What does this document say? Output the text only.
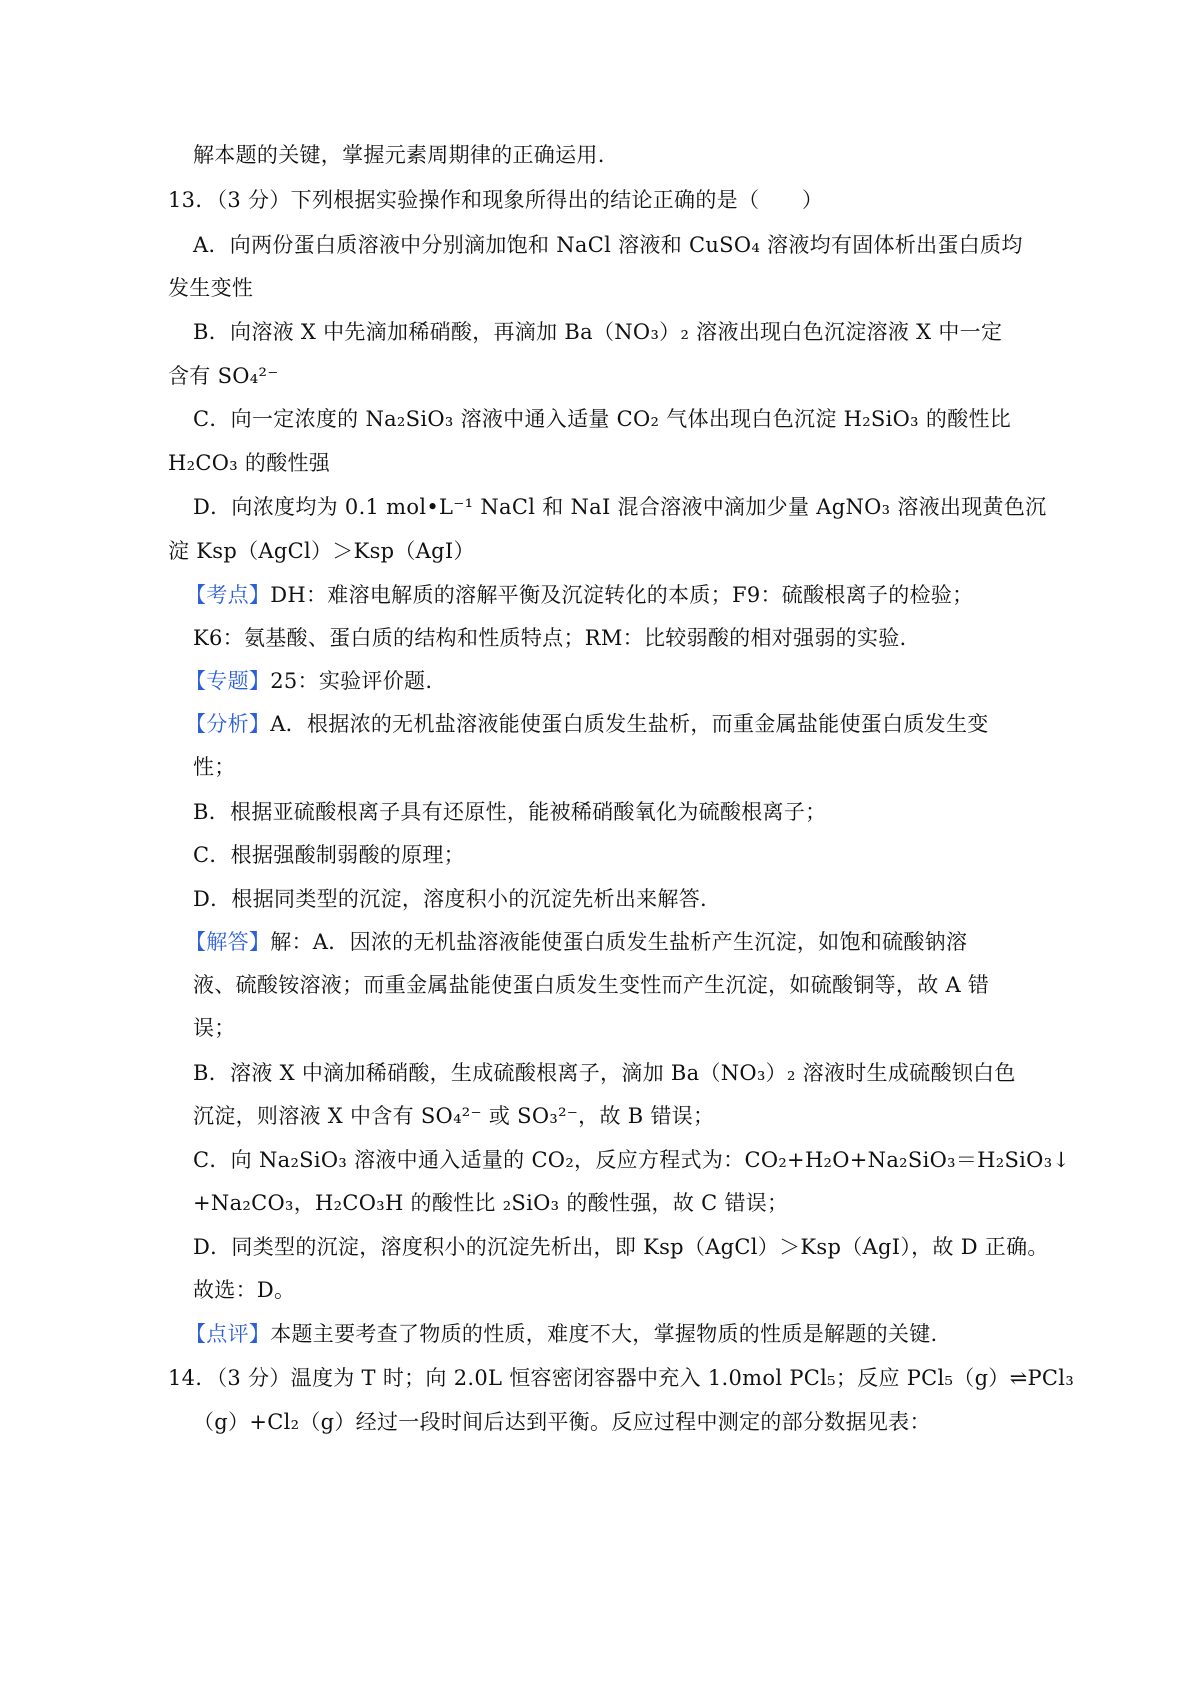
解本题的关键，掌握元素周期律的正确运用.
13．（3 分）下列根据实验操作和现象所得出的结论正确的是（　　）
A．向两份蛋白质溶液中分别滴加饱和 NaCl 溶液和 CuSO₄ 溶液均有固体析出蛋白质均
发生变性
B．向溶液 X 中先滴加稀硝酸，再滴加 Ba（NO₃）₂ 溶液出现白色沉淀溶液 X 中一定
含有 SO₄²⁻
C．向一定浓度的 Na₂SiO₃ 溶液中通入适量 CO₂ 气体出现白色沉淀 H₂SiO₃ 的酸性比
H₂CO₃ 的酸性强
D．向浓度均为 0.1 mol•L⁻¹ NaCl 和 NaI 混合溶液中滴加少量 AgNO₃ 溶液出现黄色沉
淀 Ksp（AgCl）＞Ksp（AgI）
【考点】DH：难溶电解质的溶解平衡及沉淀转化的本质；F9：硫酸根离子的检验；
K6：氨基酸、蛋白质的结构和性质特点；RM：比较弱酸的相对强弱的实验.
【专题】25：实验评价题.
【分析】A．根据浓的无机盐溶液能使蛋白质发生盐析，而重金属盐能使蛋白质发生变
性；
B．根据亚硫酸根离子具有还原性，能被稀硝酸氧化为硫酸根离子；
C．根据强酸制弱酸的原理；
D．根据同类型的沉淀，溶度积小的沉淀先析出来解答.
【解答】解：A．因浓的无机盐溶液能使蛋白质发生盐析产生沉淀，如饱和硫酸钠溶
液、硫酸铵溶液；而重金属盐能使蛋白质发生变性而产生沉淀，如硫酸铜等，故 A 错
误；
B．溶液 X 中滴加稀硝酸，生成硫酸根离子，滴加 Ba（NO₃）₂ 溶液时生成硫酸钡白色
沉淀，则溶液 X 中含有 SO₄²⁻ 或 SO₃²⁻，故 B 错误；
C．向 Na₂SiO₃ 溶液中通入适量的 CO₂，反应方程式为：CO₂+H₂O+Na₂SiO₃＝H₂SiO₃↓
+Na₂CO₃，H₂CO₃H 的酸性比 ₂SiO₃ 的酸性强，故 C 错误；
D．同类型的沉淀，溶度积小的沉淀先析出，即 Ksp（AgCl）＞Ksp（AgI），故 D 正确。
故选：D。
【点评】本题主要考查了物质的性质，难度不大，掌握物质的性质是解题的关键.
14．（3 分）温度为 T 时；向 2.0L 恒容密闭容器中充入 1.0mol PCl₅；反应 PCl₅（g）⇌PCl₃
（g）+Cl₂（g）经过一段时间后达到平衡。反应过程中测定的部分数据见表：
